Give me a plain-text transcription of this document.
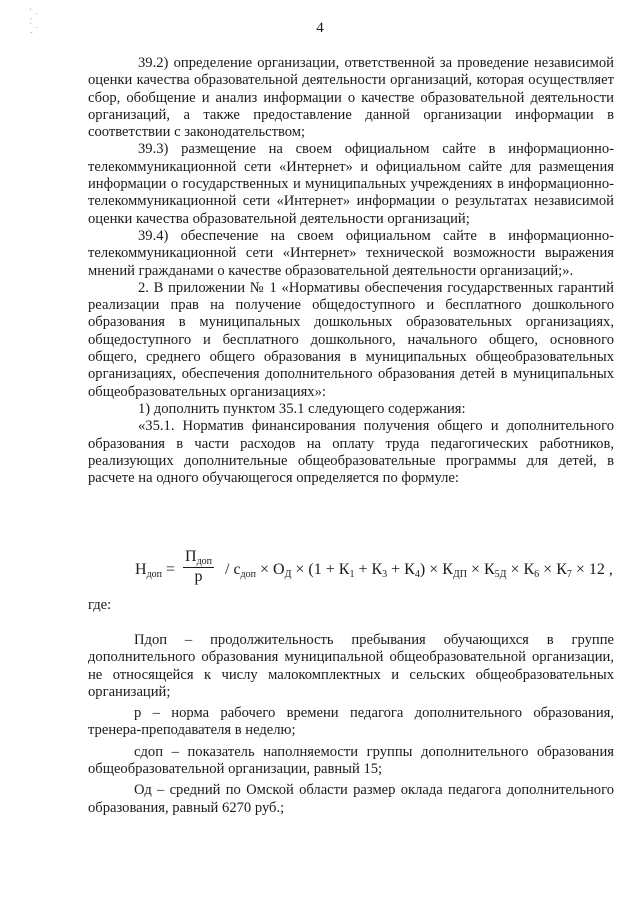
' .
-
' .
-	4

39.2) определение организации, ответственной за проведение независимой оценки качества образовательной деятельности организаций, которая осуществляет сбор, обобщение и анализ информации о качестве образовательной деятельности организаций, а также предоставление данной организации информации в соответствии с законодательством;

39.3) размещение на своем официальном сайте в информационно-телекоммуникационной сети «Интернет» и официальном сайте для размещения информации о государственных и муниципальных учреждениях в информационно-телекоммуникационной сети «Интернет» информации о результатах независимой оценки качества образовательной деятельности организаций;

39.4) обеспечение на своем официальном сайте в информационно-телекоммуникационной сети «Интернет» технической возможности выражения мнений гражданами о качестве образовательной деятельности организаций;».

2. В приложении № 1 «Нормативы обеспечения государственных гарантий реализации прав на получение общедоступного и бесплатного дошкольного образования в муниципальных дошкольных образовательных организациях, общедоступного и бесплатного дошкольного, начального общего, основного общего, среднего общего образования в муниципальных общеобразовательных организациях, обеспечения дополнительного образования детей в муниципальных общеобразовательных организациях»:

1) дополнить пунктом 35.1 следующего содержания:

«35.1. Норматив финансирования получения общего и дополнительного образования в части расходов на оплату труда педагогических работников, реализующих дополнительные общеобразовательные программы для детей, в расчете на одного обучающегося определяется по формуле:

$Н_{доп}$ =
$П_{доп}$
р	/ $с_{доп} \times О_Д \times (1 + К_1 + К_3 + К_4) \times К_{ДП} \times К_{5Д} \times К_6 \times К_7 \times 12$ ,
где:

Пдоп – продолжительность пребывания обучающихся в группе дополнительного образования муниципальной общеобразовательной организации, не относящейся к числу малокомплектных и сельских общеобразовательных организаций;

р – норма рабочего времени педагога дополнительного образования, тренера-преподавателя в неделю;

сдоп – показатель наполняемости группы дополнительного образования общеобразовательной организации, равный 15;

Од – средний по Омской области размер оклада педагога дополнительного образования, равный 6270 руб.;
